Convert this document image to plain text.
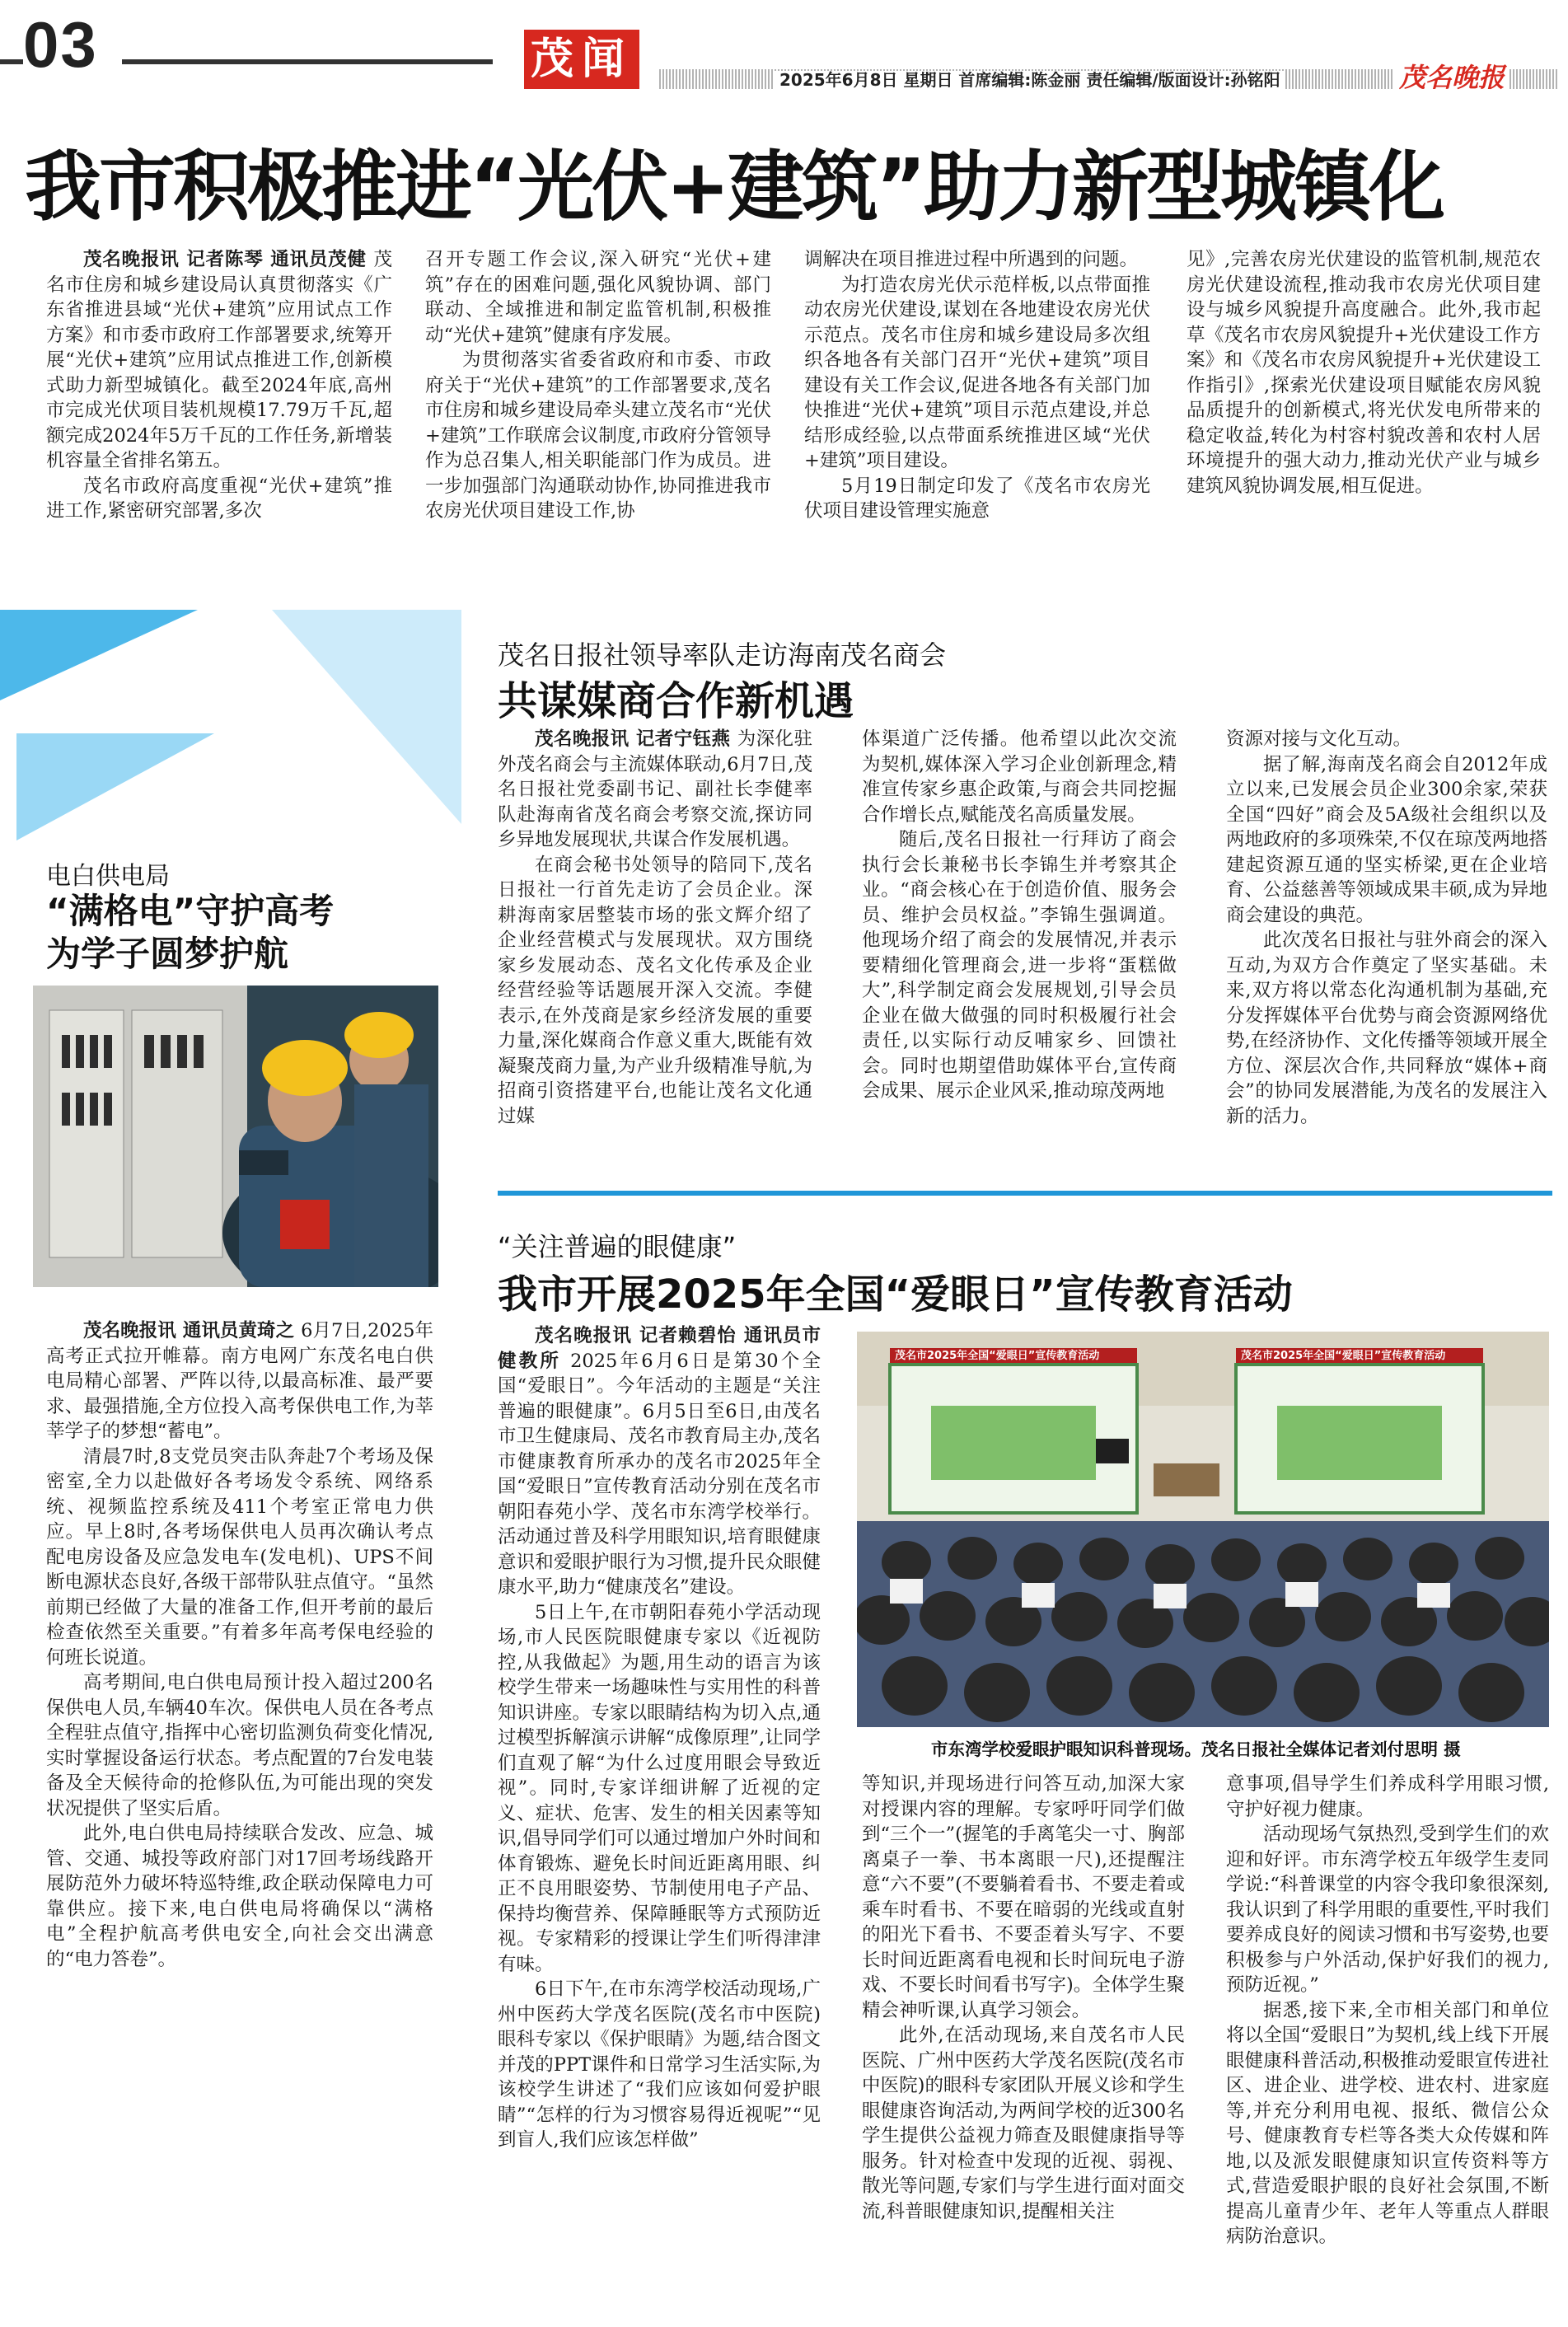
03	茂闻	2025年6月8日 星期日 首席编辑:陈金丽 责任编辑/版面设计:孙铭阳	茂名晚报
我市积极推进“光伏+建筑”助力新型城镇化

茂名晚报讯 记者陈琴 通讯员茂健 茂名市住房和城乡建设局认真贯彻落实《广东省推进县域“光伏+建筑”应用试点工作方案》和市委市政府工作部署要求,统筹开展“光伏+建筑”应用试点推进工作,创新模式助力新型城镇化。截至2024年底,高州市完成光伏项目装机规模17.79万千瓦,超额完成2024年5万千瓦的工作任务,新增装机容量全省排名第五。

茂名市政府高度重视“光伏+建筑”推进工作,紧密研究部署,多次

召开专题工作会议,深入研究“光伏+建筑”存在的困难问题,强化风貌协调、部门联动、全域推进和制定监管机制,积极推动“光伏+建筑”健康有序发展。

为贯彻落实省委省政府和市委、市政府关于“光伏+建筑”的工作部署要求,茂名市住房和城乡建设局牵头建立茂名市“光伏+建筑”工作联席会议制度,市政府分管领导作为总召集人,相关职能部门作为成员。进一步加强部门沟通联动协作,协同推进我市农房光伏项目建设工作,协

调解决在项目推进过程中所遇到的问题。

为打造农房光伏示范样板,以点带面推动农房光伏建设,谋划在各地建设农房光伏示范点。茂名市住房和城乡建设局多次组织各地各有关部门召开“光伏+建筑”项目建设有关工作会议,促进各地各有关部门加快推进“光伏+建筑”项目示范点建设,并总结形成经验,以点带面系统推进区域“光伏+建筑”项目建设。

5月19日制定印发了《茂名市农房光伏项目建设管理实施意

见》,完善农房光伏建设的监管机制,规范农房光伏建设流程,推动我市农房光伏项目建设与城乡风貌提升高度融合。此外,我市起草《茂名市农房风貌提升+光伏建设工作方案》和《茂名市农房风貌提升+光伏建设工作指引》,探索光伏建设项目赋能农房风貌品质提升的创新模式,将光伏发电所带来的稳定收益,转化为村容村貌改善和农村人居环境提升的强大动力,推动光伏产业与城乡建筑风貌协调发展,相互促进。

电白供电局
“满格电”守护高考
为学子圆梦护航

茂名晚报讯 通讯员黄琦之 6月7日,2025年高考正式拉开帷幕。南方电网广东茂名电白供电局精心部署、严阵以待,以最高标准、最严要求、最强措施,全方位投入高考保供电工作,为莘莘学子的梦想“蓄电”。

清晨7时,8支党员突击队奔赴7个考场及保密室,全力以赴做好各考场发令系统、网络系统、视频监控系统及411个考室正常电力供应。早上8时,各考场保供电人员再次确认考点配电房设备及应急发电车(发电机)、UPS不间断电源状态良好,各级干部带队驻点值守。“虽然前期已经做了大量的准备工作,但开考前的最后检查依然至关重要。”有着多年高考保电经验的何班长说道。

高考期间,电白供电局预计投入超过200名保供电人员,车辆40车次。保供电人员在各考点全程驻点值守,指挥中心密切监测负荷变化情况,实时掌握设备运行状态。考点配置的7台发电装备及全天候待命的抢修队伍,为可能出现的突发状况提供了坚实后盾。

此外,电白供电局持续联合发改、应急、城管、交通、城投等政府部门对17回考场线路开展防范外力破坏特巡特维,政企联动保障电力可靠供应。接下来,电白供电局将确保以“满格电”全程护航高考供电安全,向社会交出满意的“电力答卷”。

茂名日报社领导率队走访海南茂名商会
共谋媒商合作新机遇

茂名晚报讯 记者宁钰燕 为深化驻外茂名商会与主流媒体联动,6月7日,茂名日报社党委副书记、副社长李健率队赴海南省茂名商会考察交流,探访同乡异地发展现状,共谋合作发展机遇。

在商会秘书处领导的陪同下,茂名日报社一行首先走访了会员企业。深耕海南家居整装市场的张文辉介绍了企业经营模式与发展现状。双方围绕家乡发展动态、茂名文化传承及企业经营经验等话题展开深入交流。李健表示,在外茂商是家乡经济发展的重要力量,深化媒商合作意义重大,既能有效凝聚茂商力量,为产业升级精准导航,为招商引资搭建平台,也能让茂名文化通过媒

体渠道广泛传播。他希望以此次交流为契机,媒体深入学习企业创新理念,精准宣传家乡惠企政策,与商会共同挖掘合作增长点,赋能茂名高质量发展。

随后,茂名日报社一行拜访了商会执行会长兼秘书长李锦生并考察其企业。“商会核心在于创造价值、服务会员、维护会员权益。”李锦生强调道。他现场介绍了商会的发展情况,并表示要精细化管理商会,进一步将“蛋糕做大”,科学制定商会发展规划,引导会员企业在做大做强的同时积极履行社会责任,以实际行动反哺家乡、回馈社会。同时也期望借助媒体平台,宣传商会成果、展示企业风采,推动琼茂两地

资源对接与文化互动。

据了解,海南茂名商会自2012年成立以来,已发展会员企业300余家,荣获全国“四好”商会及5A级社会组织以及两地政府的多项殊荣,不仅在琼茂两地搭建起资源互通的坚实桥梁,更在企业培育、公益慈善等领域成果丰硕,成为异地商会建设的典范。

此次茂名日报社与驻外商会的深入互动,为双方合作奠定了坚实基础。未来,双方将以常态化沟通机制为基础,充分发挥媒体平台优势与商会资源网络优势,在经济协作、文化传播等领域开展全方位、深层次合作,共同释放“媒体+商会”的协同发展潜能,为茂名的发展注入新的活力。

“关注普遍的眼健康”
我市开展2025年全国“爱眼日”宣传教育活动
茂名市2025年全国“爱眼日”宣传教育活动	茂名市2025年全国“爱眼日”宣传教育活动
市东湾学校爱眼护眼知识科普现场。茂名日报社全媒体记者刘付思明 摄

茂名晚报讯 记者赖碧怡 通讯员市健教所 2025年6月6日是第30个全国“爱眼日”。今年活动的主题是“关注普遍的眼健康”。6月5日至6日,由茂名市卫生健康局、茂名市教育局主办,茂名市健康教育所承办的茂名市2025年全国“爱眼日”宣传教育活动分别在茂名市朝阳春苑小学、茂名市东湾学校举行。活动通过普及科学用眼知识,培育眼健康意识和爱眼护眼行为习惯,提升民众眼健康水平,助力“健康茂名”建设。

5日上午,在市朝阳春苑小学活动现场,市人民医院眼健康专家以《近视防控,从我做起》为题,用生动的语言为该校学生带来一场趣味性与实用性的科普知识讲座。专家以眼睛结构为切入点,通过模型拆解演示讲解“成像原理”,让同学们直观了解“为什么过度用眼会导致近视”。同时,专家详细讲解了近视的定义、症状、危害、发生的相关因素等知识,倡导同学们可以通过增加户外时间和体育锻炼、避免长时间近距离用眼、纠正不良用眼姿势、节制使用电子产品、保持均衡营养、保障睡眠等方式预防近视。专家精彩的授课让学生们听得津津有味。

6日下午,在市东湾学校活动现场,广州中医药大学茂名医院(茂名市中医院)眼科专家以《保护眼睛》为题,结合图文并茂的PPT课件和日常学习生活实际,为该校学生讲述了“我们应该如何爱护眼睛”“怎样的行为习惯容易得近视呢”“见到盲人,我们应该怎样做”

等知识,并现场进行问答互动,加深大家对授课内容的理解。专家呼吁同学们做到“三个一”(握笔的手离笔尖一寸、胸部离桌子一拳、书本离眼一尺),还提醒注意“六不要”(不要躺着看书、不要走着或乘车时看书、不要在暗弱的光线或直射的阳光下看书、不要歪着头写字、不要长时间近距离看电视和长时间玩电子游戏、不要长时间看书写字)。全体学生聚精会神听课,认真学习领会。

此外,在活动现场,来自茂名市人民医院、广州中医药大学茂名医院(茂名市中医院)的眼科专家团队开展义诊和学生眼健康咨询活动,为两间学校的近300名学生提供公益视力筛查及眼健康指导等服务。针对检查中发现的近视、弱视、散光等问题,专家们与学生进行面对面交流,科普眼健康知识,提醒相关注

意事项,倡导学生们养成科学用眼习惯,守护好视力健康。

活动现场气氛热烈,受到学生们的欢迎和好评。市东湾学校五年级学生麦同学说:“科普课堂的内容令我印象很深刻,我认识到了科学用眼的重要性,平时我们要养成良好的阅读习惯和书写姿势,也要积极参与户外活动,保护好我们的视力,预防近视。”

据悉,接下来,全市相关部门和单位将以全国“爱眼日”为契机,线上线下开展眼健康科普活动,积极推动爱眼宣传进社区、进企业、进学校、进农村、进家庭等,并充分利用电视、报纸、微信公众号、健康教育专栏等各类大众传媒和阵地,以及派发眼健康知识宣传资料等方式,营造爱眼护眼的良好社会氛围,不断提高儿童青少年、老年人等重点人群眼病防治意识。
